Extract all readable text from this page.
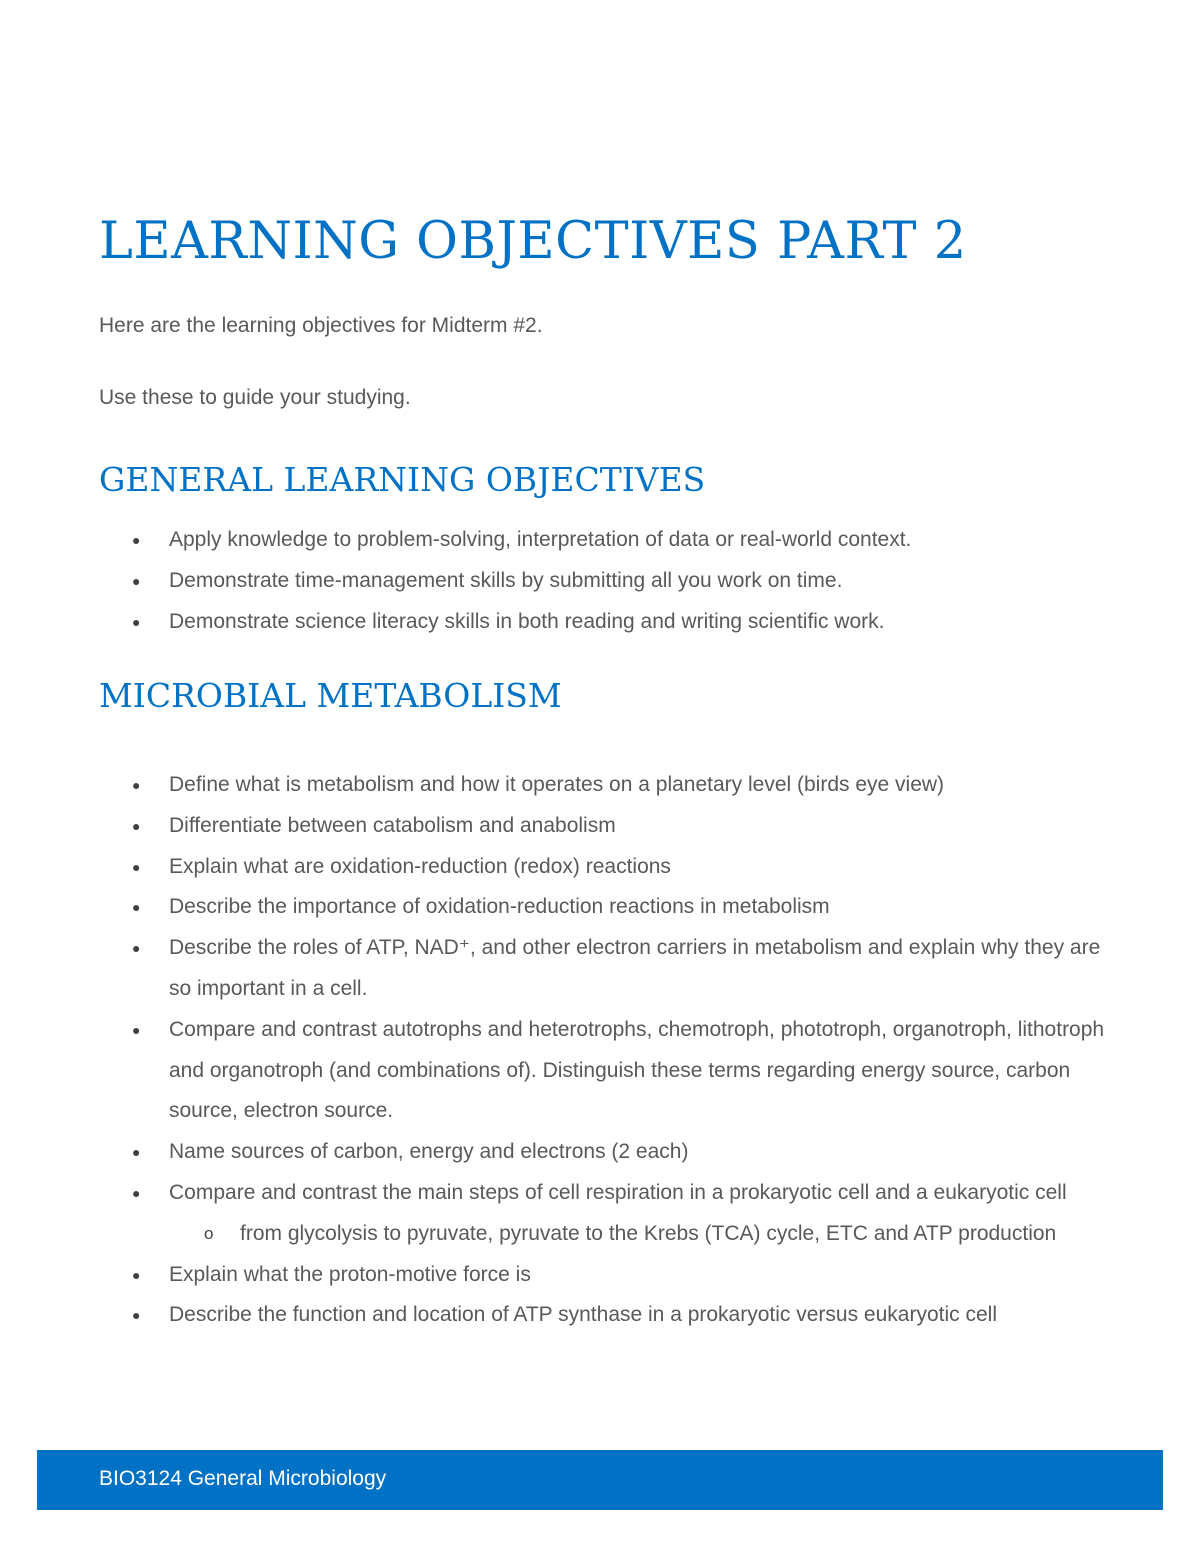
LEARNING OBJECTIVES PART 2

Here are the learning objectives for Midterm #2.

Use these to guide your studying.

GENERAL LEARNING OBJECTIVES
● Apply knowledge to problem-solving, interpretation of data or real-world context.
● Demonstrate time-management skills by submitting all you work on time.
● Demonstrate science literacy skills in both reading and writing scientific work.
MICROBIAL METABOLISM
● Define what is metabolism and how it operates on a planetary level (birds eye view)
● Differentiate between catabolism and anabolism
● Explain what are oxidation-reduction (redox) reactions
● Describe the importance of oxidation-reduction reactions in metabolism
● Describe the roles of ATP, NAD⁺, and other electron carriers in metabolism and explain why they are so important in a cell.
● Compare and contrast autotrophs and heterotrophs, chemotroph, phototroph, organotroph, lithotroph and organotroph (and combinations of). Distinguish these terms regarding energy source, carbon source, electron source.
● Name sources of carbon, energy and electrons (2 each)
● Compare and contrast the main steps of cell respiration in a prokaryotic cell and a eukaryotic cell
o from glycolysis to pyruvate, pyruvate to the Krebs (TCA) cycle, ETC and ATP production
● Explain what the proton-motive force is
● Describe the function and location of ATP synthase in a prokaryotic versus eukaryotic cell
BIO3124 General Microbiology
